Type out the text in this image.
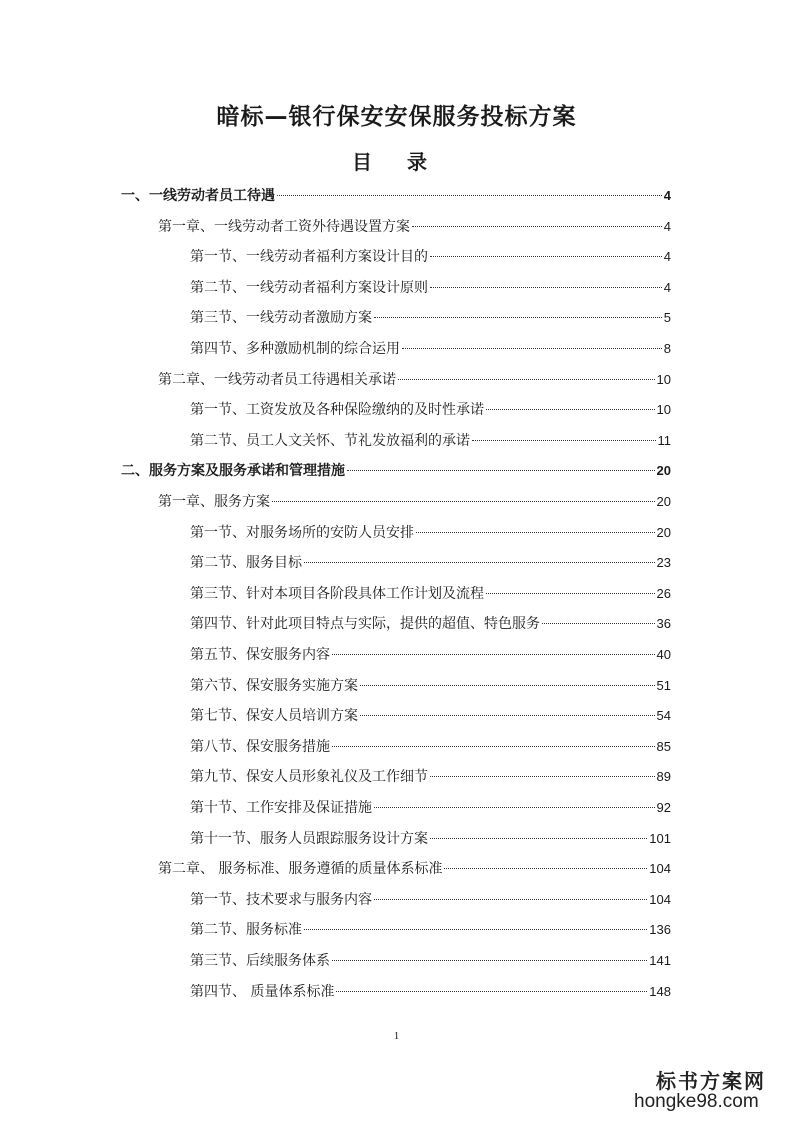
暗标—银行保安安保服务投标方案
目 录
一、一线劳动者员工待遇	4
第一章、一线劳动者工资外待遇设置方案	4
第一节、一线劳动者福利方案设计目的	4
第二节、一线劳动者福利方案设计原则	4
第三节、一线劳动者激励方案	5
第四节、多种激励机制的综合运用	8
第二章、一线劳动者员工待遇相关承诺	10
第一节、工资发放及各种保险缴纳的及时性承诺	10
第二节、员工人文关怀、节礼发放福利的承诺	11
二、服务方案及服务承诺和管理措施	20
第一章、服务方案	20
第一节、对服务场所的安防人员安排	20
第二节、服务目标	23
第三节、针对本项目各阶段具体工作计划及流程	26
第四节、针对此项目特点与实际，提供的超值、特色服务	36
第五节、保安服务内容	40
第六节、保安服务实施方案	51
第七节、保安人员培训方案	54
第八节、保安服务措施	85
第九节、保安人员形象礼仪及工作细节	89
第十节、工作安排及保证措施	92
第十一节、服务人员跟踪服务设计方案	101
第二章、 服务标准、服务遵循的质量体系标准	104
第一节、技术要求与服务内容	104
第二节、服务标准	136
第三节、后续服务体系	141
第四节、 质量体系标准	148
1
标书方案网
hongke98.com
